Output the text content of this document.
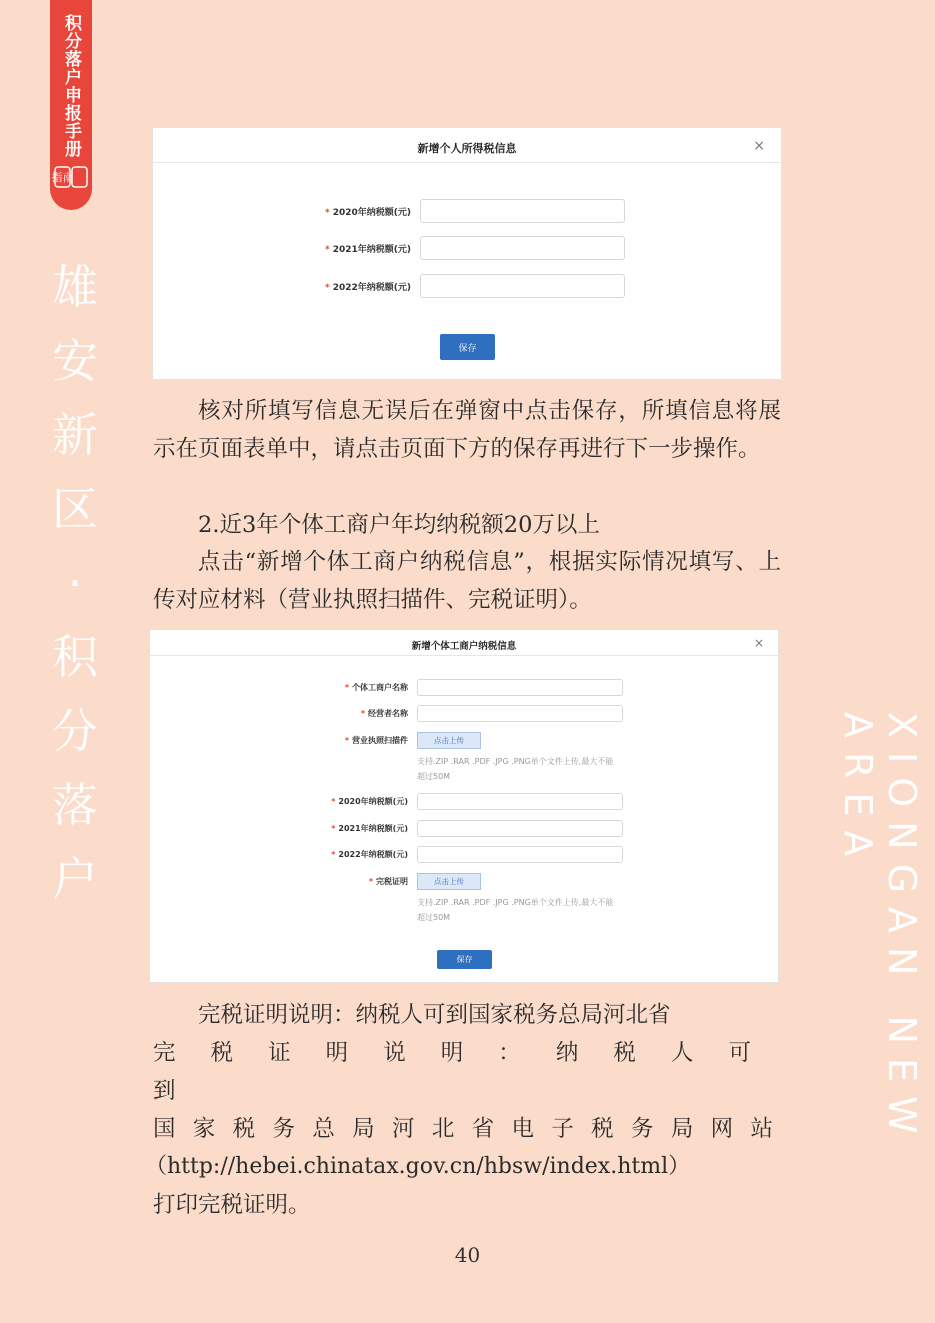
积分落户申报手册
指南
雄
安
新
区
·
积
分
落
户	XIONGAN NEW AREA
新增个人所得税信息	×
* 2020年纳税额(元)
* 2021年纳税额(元)
* 2022年纳税额(元)
保存
核对所填写信息无误后在弹窗中点击保存，所填信息将展示在页面表单中，请点击页面下方的保存再进行下一步操作。
2.近3年个体工商户年均纳税额20万以上
点击“新增个体工商户纳税信息”，根据实际情况填写、上传对应材料（营业执照扫描件、完税证明）。
新增个体工商户纳税信息	×
* 个体工商户名称
* 经营者名称
* 营业执照扫描件	点击上传
支持.ZIP .RAR .PDF .JPG .PNG单个文件上传,最大不能
超过50M
* 2020年纳税额(元)
* 2021年纳税额(元)
* 2022年纳税额(元)
* 完税证明	点击上传
支持.ZIP .RAR .PDF .JPG .PNG单个文件上传,最大不能
超过50M
保存
完税证明说明：纳税人可到国家税务总局河北省
完税证明说明：纳税人可到
国家税务总局河北省电子税务局网站
（http://hebei.chinatax.gov.cn/hbsw/index.html）
打印完税证明。
40
